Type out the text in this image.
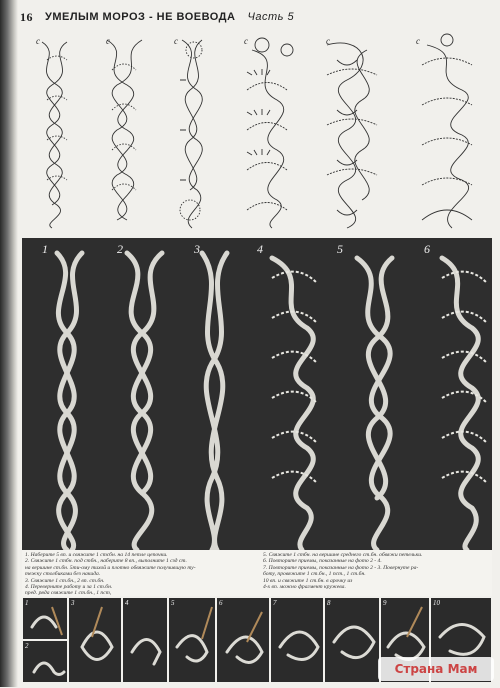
16 УМЕЛЫМ МОРОЗ - НЕ ВОЕВОДА Часть 5
c	c	c	c	c	c
1	2	3	4	5	6
1. Наберите 5 вп. и свяжите 1 стсбн. на 14 петле цепочки.
2. Свяжите 1 стбн. под стбн., наберите 8 вп., выполните 1 сзд ст.
на вершине ст.бн. 5ти-ому тихой и плотно обвяжите получившую ту-
тежку столбиками без накида.
3. Свяжите 1 ст.бн., 2 вп. ст.бн.
4. Переверните работу и за 1 ст.бн.
пред. ряда свяжите 1 ст.бн., 1 пст,
5. Свяжите 1 стбн. на вершине среднего ст.бн. обвяжи петельки.
6. Повторите приемы, показанные на фото 2 - 4.
7. Повторите приемы, показанные на фото 2 - 3. Повернуте ра-
боту, провяжите 1 ст.бн., 1 пст., 1 ст.бн.
10 вп. и свяжите 1 ст.бн. в арочку из
4-х вп. можно фрагмент кружева.
1
2
3	4	5	6	7	8	9	10
Страна Мам
